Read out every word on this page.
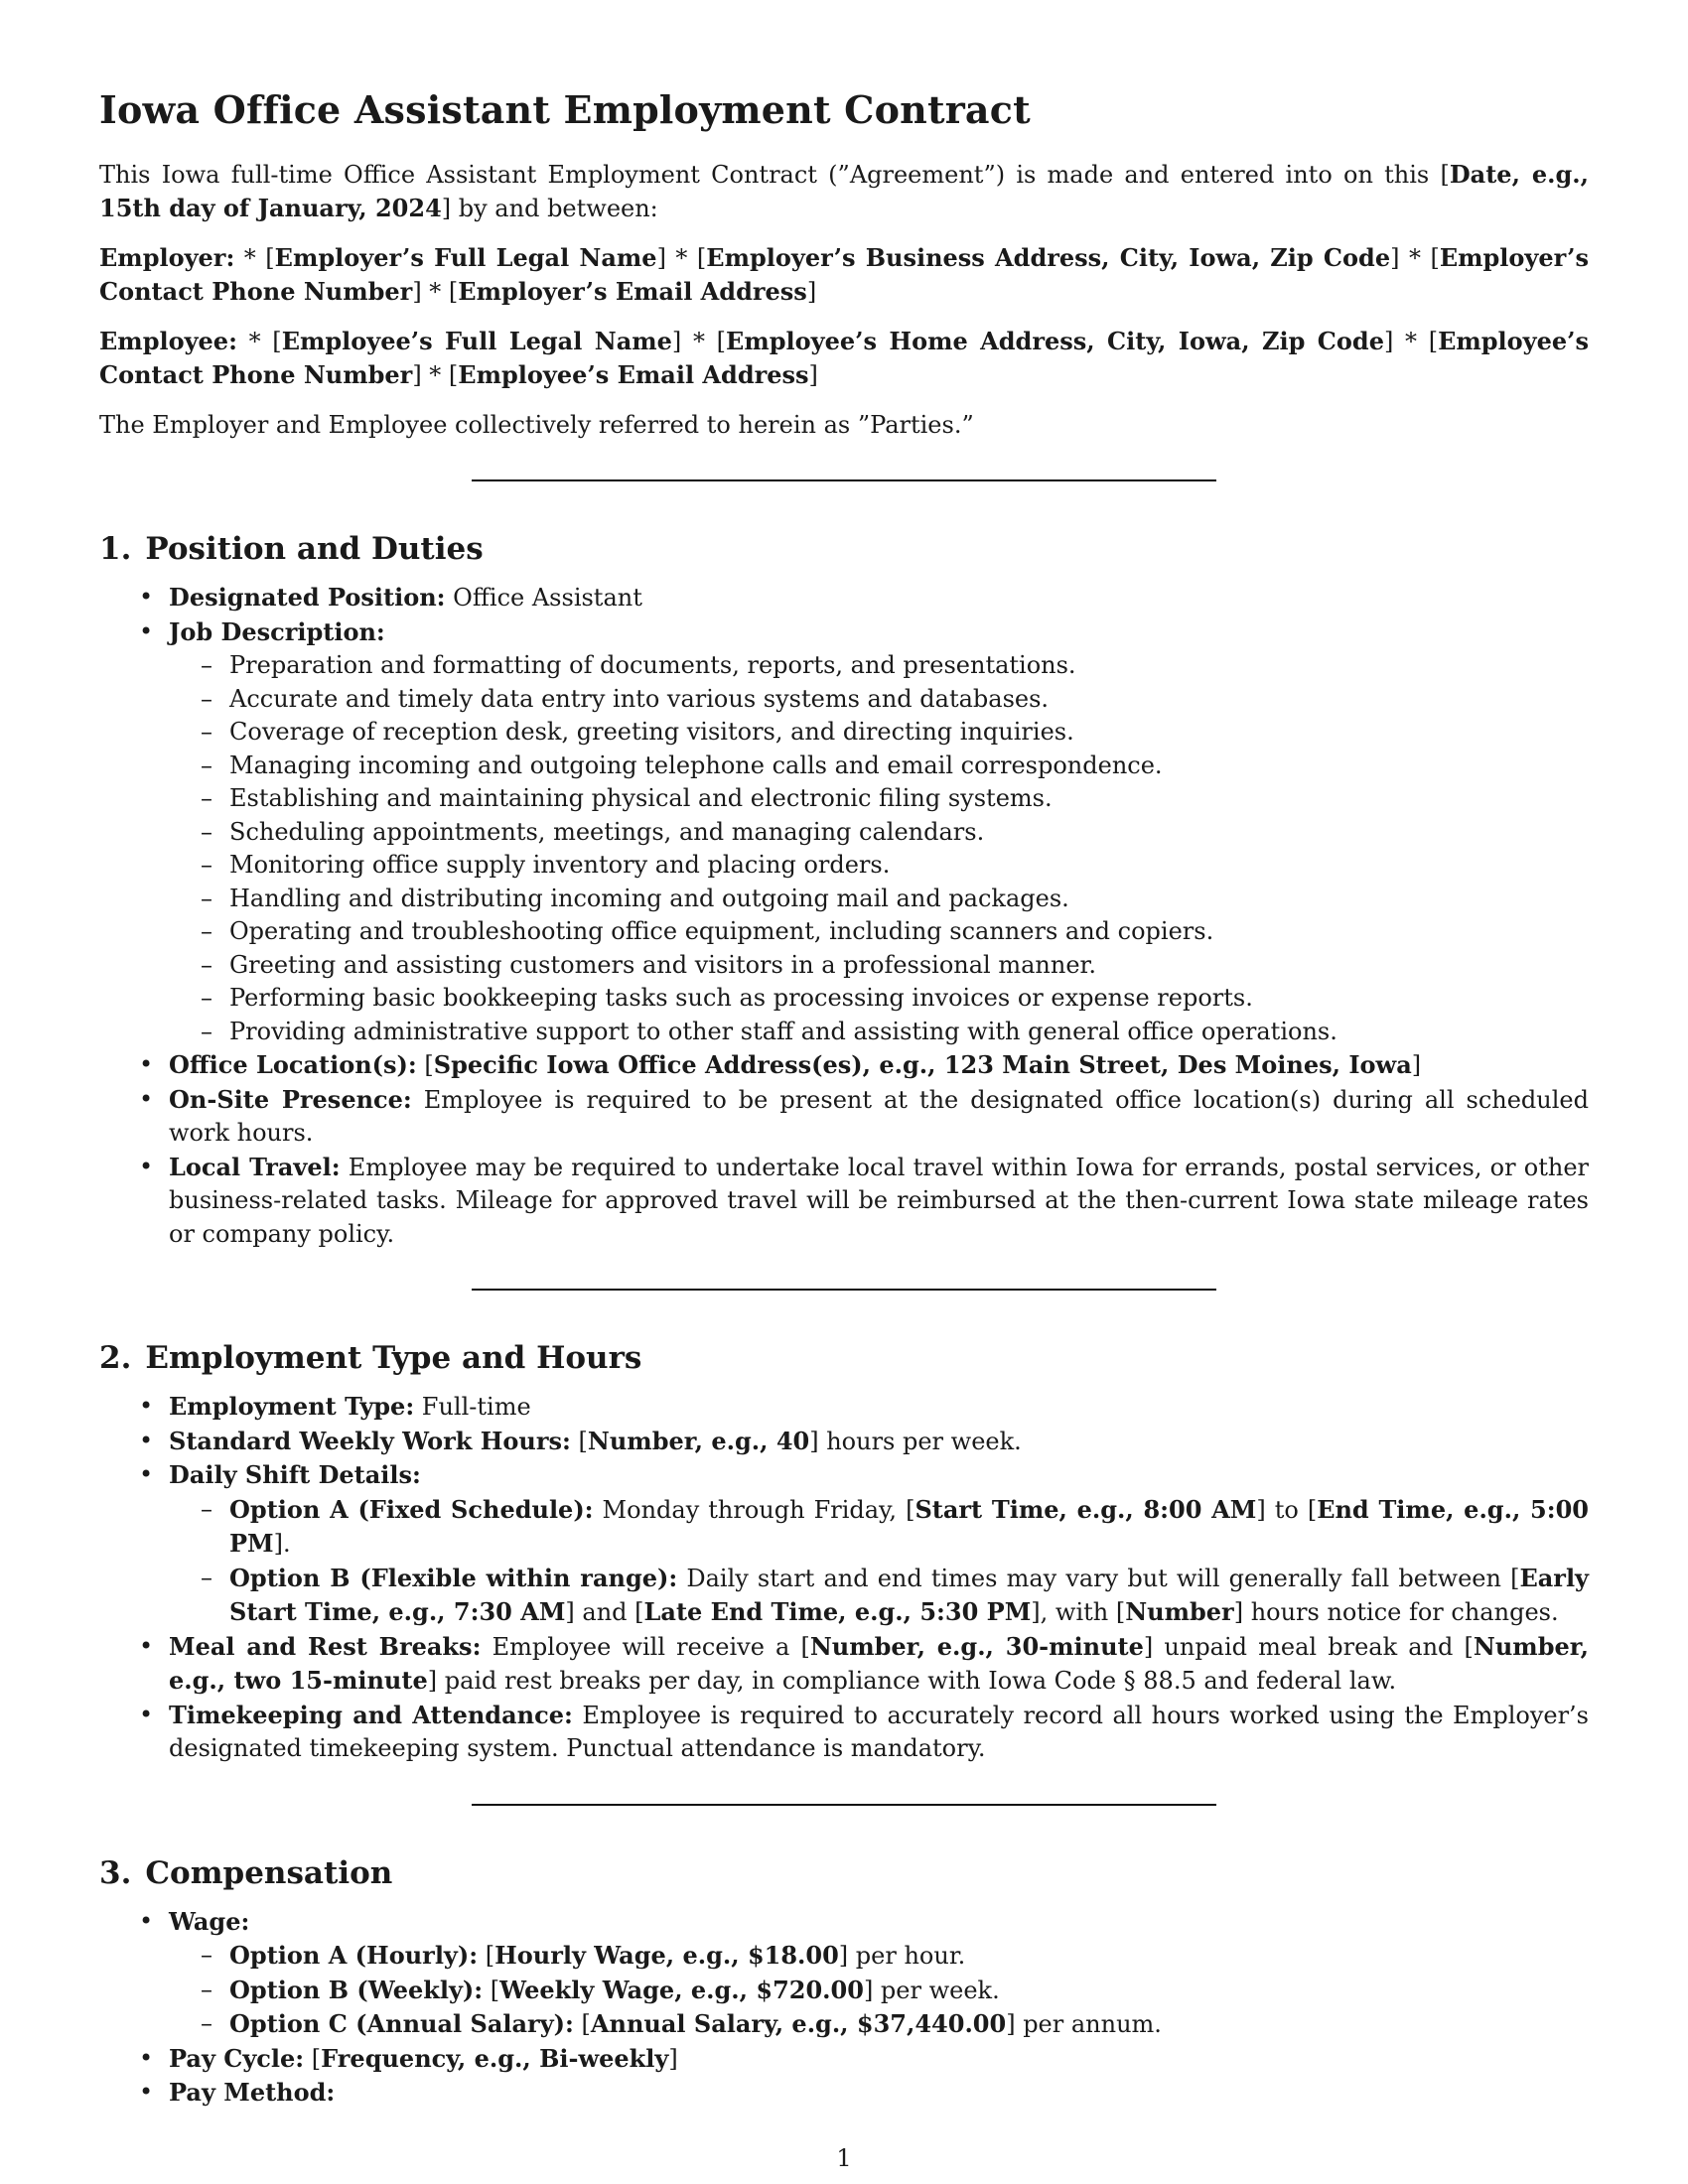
Iowa Office Assistant Employment Contract

This Iowa full-time Office Assistant Employment Contract (”Agreement”) is made and entered into on this [Date, e.g., 15th day of January, 2024] by and between:

Employer: * [Employer’s Full Legal Name] * [Employer’s Business Address, City, Iowa, Zip Code] * [Employer’s Contact Phone Number] * [Employer’s Email Address]

Employee: * [Employee’s Full Legal Name] * [Employee’s Home Address, City, Iowa, Zip Code] * [Employee’s Contact Phone Number] * [Employee’s Email Address]

The Employer and Employee collectively referred to herein as ”Parties.”

1. Position and Duties
• Designated Position: Office Assistant
• Job Description:
– Preparation and formatting of documents, reports, and presentations.
– Accurate and timely data entry into various systems and databases.
– Coverage of reception desk, greeting visitors, and directing inquiries.
– Managing incoming and outgoing telephone calls and email correspondence.
– Establishing and maintaining physical and electronic filing systems.
– Scheduling appointments, meetings, and managing calendars.
– Monitoring office supply inventory and placing orders.
– Handling and distributing incoming and outgoing mail and packages.
– Operating and troubleshooting office equipment, including scanners and copiers.
– Greeting and assisting customers and visitors in a professional manner.
– Performing basic bookkeeping tasks such as processing invoices or expense reports.
– Providing administrative support to other staff and assisting with general office operations.
• Office Location(s): [Specific Iowa Office Address(es), e.g., 123 Main Street, Des Moines, Iowa]
• On-Site Presence: Employee is required to be present at the designated office location(s) during all scheduled work hours.
• Local Travel: Employee may be required to undertake local travel within Iowa for errands, postal services, or other business-related tasks. Mileage for approved travel will be reimbursed at the then-current Iowa state mileage rates or company policy.
2. Employment Type and Hours
• Employment Type: Full-time
• Standard Weekly Work Hours: [Number, e.g., 40] hours per week.
• Daily Shift Details:
– Option A (Fixed Schedule): Monday through Friday, [Start Time, e.g., 8:00 AM] to [End Time, e.g., 5:00 PM].
– Option B (Flexible within range): Daily start and end times may vary but will generally fall between [Early Start Time, e.g., 7:30 AM] and [Late End Time, e.g., 5:30 PM], with [Number] hours notice for changes.
• Meal and Rest Breaks: Employee will receive a [Number, e.g., 30-minute] unpaid meal break and [Number, e.g., two 15-minute] paid rest breaks per day, in compliance with Iowa Code § 88.5 and federal law.
• Timekeeping and Attendance: Employee is required to accurately record all hours worked using the Employer’s designated timekeeping system. Punctual attendance is mandatory.
3. Compensation
• Wage:
– Option A (Hourly): [Hourly Wage, e.g., $18.00] per hour.
– Option B (Weekly): [Weekly Wage, e.g., $720.00] per week.
– Option C (Annual Salary): [Annual Salary, e.g., $37,440.00] per annum.
• Pay Cycle: [Frequency, e.g., Bi-weekly]
• Pay Method:
1
